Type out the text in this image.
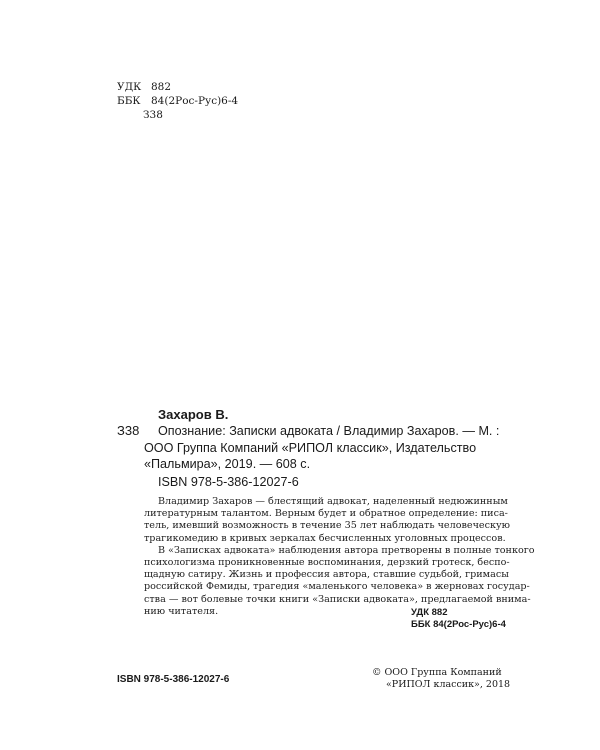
УДК 882
ББК 84(2Рос-Рус)6-4
З38
Захаров В.
З38	Опознание: Записки адвоката / Владимир Захаров. — М. :
ООО Группа Компаний «РИПОЛ классик», Издательство
«Пальмира», 2019. — 608 с.
ISBN 978-5-386-12027-6
Владимир Захаров — блестящий адвокат, наделенный недюжинным
литературным талантом. Верным будет и обратное определение: писа-
тель, имевший возможность в течение 35 лет наблюдать человеческую
трагикомедию в кривых зеркалах бесчисленных уголовных процессов.
В «Записках адвоката» наблюдения автора претворены в полные тонкого
психологизма проникновенные воспоминания, дерзкий гротеск, беспо-
щадную сатиру. Жизнь и профессия автора, ставшие судьбой, гримасы
российской Фемиды, трагедия «маленького человека» в жерновах государ-
ства — вот болевые точки книги «Записки адвоката», предлагаемой внима-
нию читателя.	УДК 882
ББК 84(2Рос-Рус)6-4
ISBN 978-5-386-12027-6
© ООО Группа Компаний
«РИПОЛ классик», 2018
